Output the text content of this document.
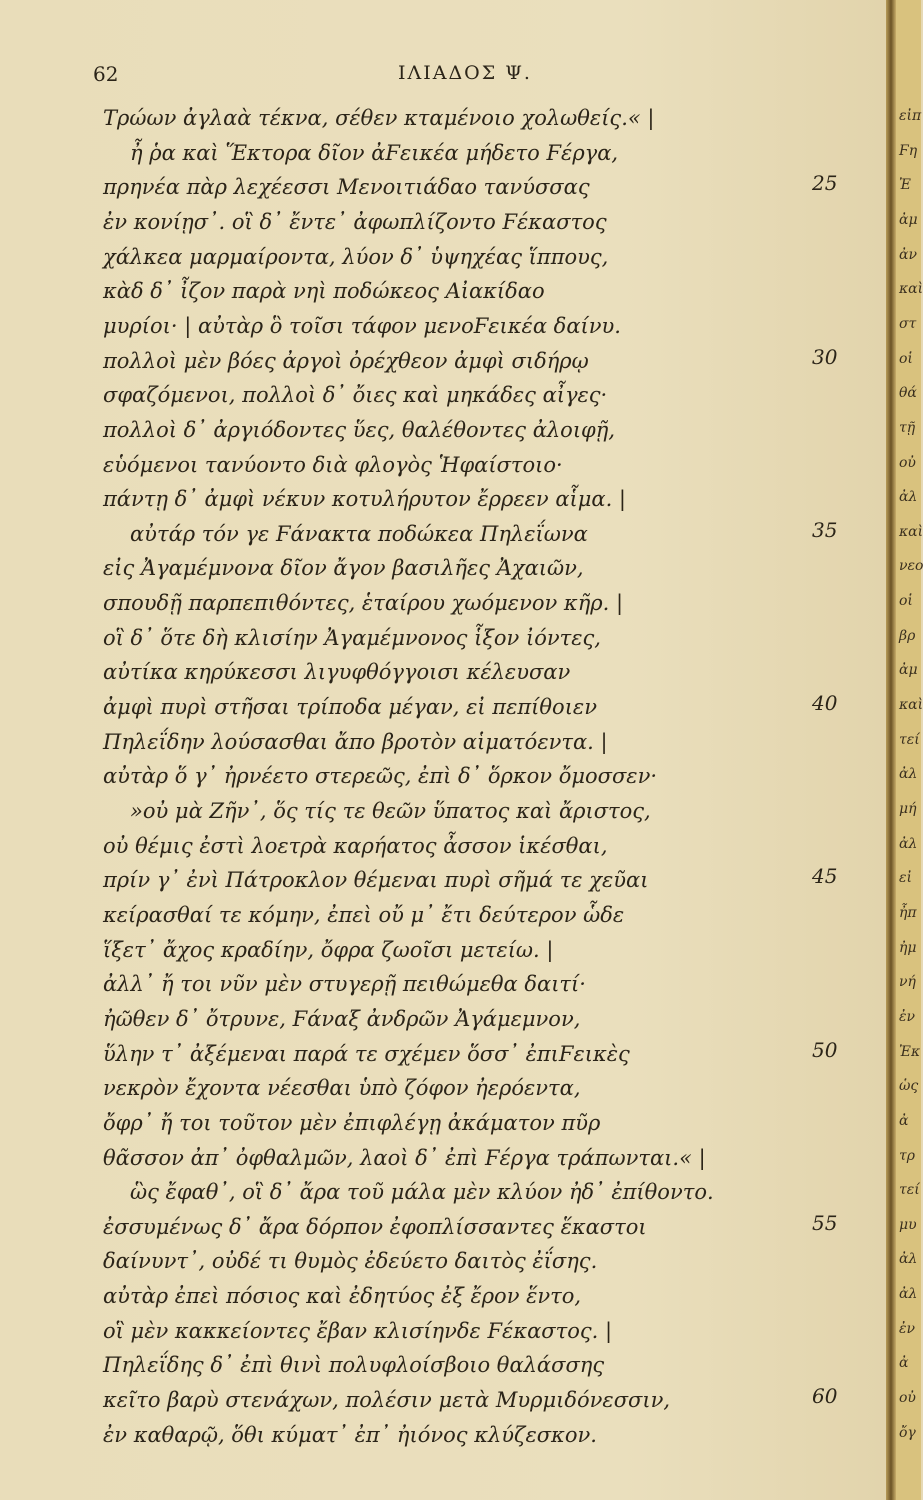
62	ΙΛΙΑΔΟΣ Ψ.
Τρώων ἀγλαὰ τέκνα, σέθεν κταμένοιο χολωθείς.« |
ἦ ῥα καὶ Ἕκτορα δῖον ἀϜεικέα μήδετο Ϝέργα,
πρηνέα πὰρ λεχέεσσι Μενοιτιάδαο τανύσσας
ἐν κονίῃσ᾽. οἳ δ᾽ ἔντε᾽ ἀφωπλίζοντο Ϝέκαστος
χάλκεα μαρμαίροντα, λύον δ᾽ ὑψηχέας ἵππους,
κὰδ δ᾽ ἶζον παρὰ νηὶ ποδώκεος Αἰακίδαο
μυρίοι· | αὐτὰρ ὃ τοῖσι τάφον μενοϜεικέα δαίνυ.
πολλοὶ μὲν βόες ἀργοὶ ὀρέχθεον ἀμφὶ σιδήρῳ
σφαζόμενοι, πολλοὶ δ᾽ ὄιες καὶ μηκάδες αἶγες·
πολλοὶ δ᾽ ἀργιόδοντες ὕες, θαλέθοντες ἀλοιφῇ,
εὑόμενοι τανύοντο διὰ φλογὸς Ἡφαίστοιο·
πάντῃ δ᾽ ἀμφὶ νέκυν κοτυλήρυτον ἔρρεεν αἷμα. |
αὐτάρ τόν γε Ϝάνακτα ποδώκεα Πηλεΐωνα
εἰς Ἀγαμέμνονα δῖον ἄγον βασιλῆες Ἀχαιῶν,
σπουδῇ παρπεπιθόντες, ἑταίρου χωόμενον κῆρ. |
οἳ δ᾽ ὅτε δὴ κλισίην Ἀγαμέμνονος ἷξον ἰόντες,
αὐτίκα κηρύκεσσι λιγυφθόγγοισι κέλευσαν
ἀμφὶ πυρὶ στῆσαι τρίποδα μέγαν, εἰ πεπίθοιεν
Πηλεΐδην λούσασθαι ἄπο βροτὸν αἱματόεντα. |
αὐτὰρ ὅ γ᾽ ἠρνέετο στερεῶς, ἐπὶ δ᾽ ὅρκον ὄμοσσεν·
»οὐ μὰ Ζῆν᾽, ὅς τίς τε θεῶν ὕπατος καὶ ἄριστος,
οὐ θέμις ἐστὶ λοετρὰ καρήατος ἆσσον ἱκέσθαι,
πρίν γ᾽ ἐνὶ Πάτροκλον θέμεναι πυρὶ σῆμά τε χεῦαι
κείρασθαί τε κόμην, ἐπεὶ οὔ μ᾽ ἔτι δεύτερον ὧδε
ἵξετ᾽ ἄχος κραδίην, ὄφρα ζωοῖσι μετείω. |
ἀλλ᾽ ἤ τοι νῦν μὲν στυγερῇ πειθώμεθα δαιτί·
ἠῶθεν δ᾽ ὄτρυνε, Ϝάναξ ἀνδρῶν Ἀγάμεμνον,
ὕλην τ᾽ ἀξέμεναι παρά τε σχέμεν ὅσσ᾽ ἐπιϜεικὲς
νεκρὸν ἔχοντα νέεσθαι ὑπὸ ζόφον ἠερόεντα,
ὄφρ᾽ ἤ τοι τοῦτον μὲν ἐπιφλέγῃ ἀκάματον πῦρ
θᾶσσον ἀπ᾽ ὀφθαλμῶν, λαοὶ δ᾽ ἐπὶ Ϝέργα τράπωνται.« |
ὣς ἔφαθ᾽, οἳ δ᾽ ἄρα τοῦ μάλα μὲν κλύον ἠδ᾽ ἐπίθοντο.
ἐσσυμένως δ᾽ ἄρα δόρπον ἐφοπλίσσαντες ἕκαστοι
δαίνυντ᾽, οὐδέ τι θυμὸς ἐδεύετο δαιτὸς ἐΐσης.
αὐτὰρ ἐπεὶ πόσιος καὶ ἐδητύος ἐξ ἔρον ἕντο,
οἳ μὲν κακκείοντες ἔβαν κλισίηνδε Ϝέκαστος. |
Πηλεΐδης δ᾽ ἐπὶ θινὶ πολυφλοίσβοιο θαλάσσης
κεῖτο βαρὺ στενάχων, πολέσιν μετὰ Μυρμιδόνεσσιν,
ἐν καθαρῷ, ὅθι κύματ᾽ ἐπ᾽ ἠιόνος κλύζεσκον.
25
30
35
40
45
50
55
60
εἰπ
Ϝη
Ἐ
ἀμ
ἀν
καὶ
στ
οἱ
θά
τῇ
οὐ
ἀλ
καὶ
νεο
οἱ
βρ
ἀμ
καὶ
τεί
ἀλ
μή
ἀλ
εἰ
ἦπ
ἠμ
νή
ἐν
Ἐκ
ὡς
ἀ
τρ
τεί
μυ
ἀλ
ἀλ
ἐν
ἀ
οὐ
ὄγ
